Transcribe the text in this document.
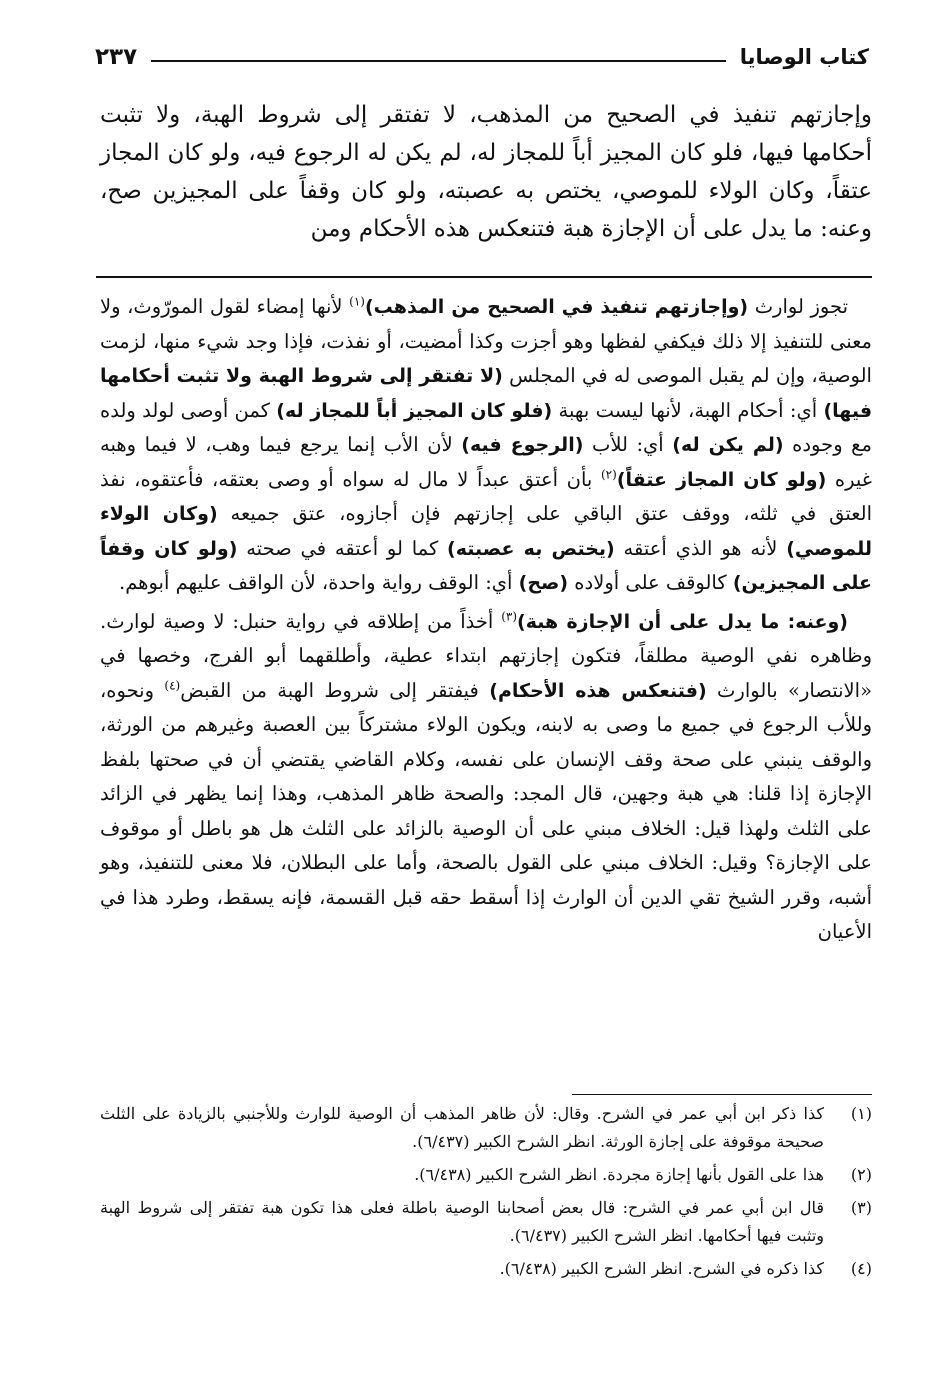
كتاب الوصايا
٢٣٧

وإجازتهم تنفيذ في الصحيح من المذهب، لا تفتقر إلى شروط الهبة، ولا تثبت أحكامها فيها، فلو كان المجيز أباً للمجاز له، لم يكن له الرجوع فيه، ولو كان المجاز عتقاً، وكان الولاء للموصي، يختص به عصبته، ولو كان وقفاً على المجيزين صح، وعنه: ما يدل على أن الإجازة هبة فتنعكس هذه الأحكام ومن

تجوز لوارث (وإجازتهم تنفيذ في الصحيح من المذهب)$^{(١)}$ لأنها إمضاء لقول المورّوث، ولا معنى للتنفيذ إلا ذلك فيكفي لفظها وهو أجزت وكذا أمضيت، أو نفذت، فإذا وجد شيء منها، لزمت الوصية، وإن لم يقبل الموصى له في المجلس (لا تفتقر إلى شروط الهبة ولا تثبت أحكامها فيها) أي: أحكام الهبة، لأنها ليست بهبة (فلو كان المجيز أباً للمجاز له) كمن أوصى لولد ولده مع وجوده (لم يكن له) أي: للأب (الرجوع فيه) لأن الأب إنما يرجع فيما وهب، لا فيما وهبه غيره (ولو كان المجاز عتقاً)$^{(٢)}$ بأن أعتق عبداً لا مال له سواه أو وصى بعتقه، فأعتقوه، نفذ العتق في ثلثه، ووقف عتق الباقي على إجازتهم فإن أجازوه، عتق جميعه (وكان الولاء للموصي) لأنه هو الذي أعتقه (يختص به عصبته) كما لو أعتقه في صحته (ولو كان وقفاً على المجيزين) كالوقف على أولاده (صح) أي: الوقف رواية واحدة، لأن الواقف عليهم أبوهم.

(وعنه: ما يدل على أن الإجازة هبة)$^{(٣)}$ أخذاً من إطلاقه في رواية حنبل: لا وصية لوارث. وظاهره نفي الوصية مطلقاً، فتكون إجازتهم ابتداء عطية، وأطلقهما أبو الفرج، وخصها في «الانتصار» بالوارث (فتنعكس هذه الأحكام) فيفتقر إلى شروط الهبة من القبض$^{(٤)}$ ونحوه، وللأب الرجوع في جميع ما وصى به لابنه، ويكون الولاء مشتركاً بين العصبة وغيرهم من الورثة، والوقف ينبني على صحة وقف الإنسان على نفسه، وكلام القاضي يقتضي أن في صحتها بلفظ الإجازة إذا قلنا: هي هبة وجهين، قال المجد: والصحة ظاهر المذهب، وهذا إنما يظهر في الزائد على الثلث ولهذا قيل: الخلاف مبني على أن الوصية بالزائد على الثلث هل هو باطل أو موقوف على الإجازة؟ وقيل: الخلاف مبني على القول بالصحة، وأما على البطلان، فلا معنى للتنفيذ، وهو أشبه، وقرر الشيخ تقي الدين أن الوارث إذا أسقط حقه قبل القسمة، فإنه يسقط، وطرد هذا في الأعيان

(١)
كذا ذكر ابن أبي عمر في الشرح. وقال: لأن ظاهر المذهب أن الوصية للوارث وللأجنبي بالزيادة على الثلث صحيحة موقوفة على إجازة الورثة. انظر الشرح الكبير (٦/٤٣٧).
(٢)
هذا على القول بأنها إجازة مجردة. انظر الشرح الكبير (٦/٤٣٨).
(٣)
قال ابن أبي عمر في الشرح: قال بعض أصحابنا الوصية باطلة فعلى هذا تكون هبة تفتقر إلى شروط الهبة وتثبت فيها أحكامها. انظر الشرح الكبير (٦/٤٣٧).
(٤)
كذا ذكره في الشرح. انظر الشرح الكبير (٦/٤٣٨).
